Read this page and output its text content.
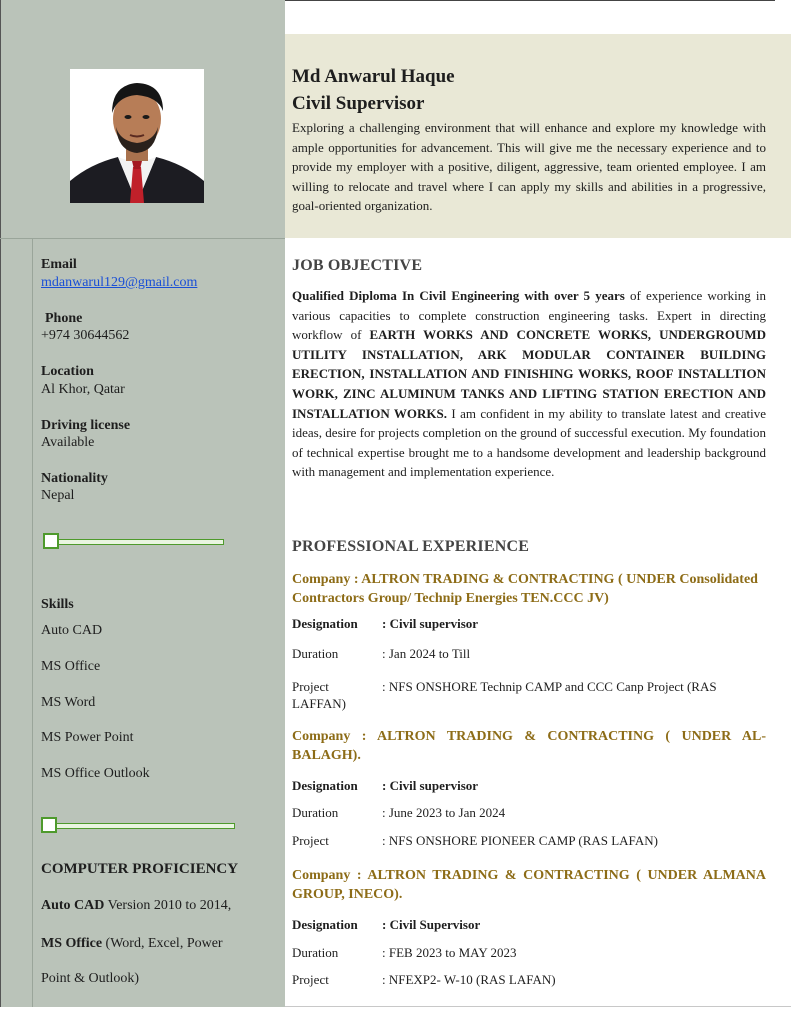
Md Anwarul Haque
Civil Supervisor
Exploring a challenging environment that will enhance and explore my knowledge with ample opportunities for advancement. This will give me the necessary experience and to provide my employer with a positive, diligent, aggressive, team oriented employee. I am willing to relocate and travel where I can apply my skills and abilities in a progressive, goal-oriented organization.
Email
mdanwarul129@gmail.com
Phone
+974 30644562
Location
Al Khor, Qatar
Driving license
Available
Nationality
Nepal
Skills
Auto CAD
MS Office
MS Word
MS Power Point
MS Office Outlook
COMPUTER PROFICIENCY
Auto CAD Version 2010 to 2014,
MS Office (Word, Excel, Power
Point & Outlook)
JOB OBJECTIVE
Qualified Diploma In Civil Engineering with over 5 years of experience working in various capacities to complete construction engineering tasks. Expert in directing workflow of EARTH WORKS AND CONCRETE WORKS, UNDERGROUMD UTILITY INSTALLATION, ARK MODULAR CONTAINER BUILDING ERECTION, INSTALLATION AND FINISHING WORKS, ROOF INSTALLTION WORK, ZINC ALUMINUM TANKS AND LIFTING STATION ERECTION AND INSTALLATION WORKS. I am confident in my ability to translate latest and creative ideas, desire for projects completion on the ground of successful execution. My foundation of technical expertise brought me to a handsome development and leadership background with management and implementation experience.
PROFESSIONAL EXPERIENCE
Company : ALTRON TRADING & CONTRACTING ( UNDER Consolidated Contractors Group/ Technip Energies TEN.CCC JV)
Designation : Civil supervisor
Duration	: Jan 2024 to Till
Project	: NFS ONSHORE Technip CAMP and CCC Canp Project (RAS LAFFAN)
Company : ALTRON TRADING & CONTRACTING ( UNDER AL-BALAGH).
Designation : Civil supervisor
Duration	: June 2023 to Jan 2024
Project	: NFS ONSHORE PIONEER CAMP (RAS LAFAN)
Company : ALTRON TRADING & CONTRACTING ( UNDER ALMANA GROUP, INECO).
Designation : Civil Supervisor
Duration	: FEB 2023 to MAY 2023
Project	: NFEXP2- W-10 (RAS LAFAN)
